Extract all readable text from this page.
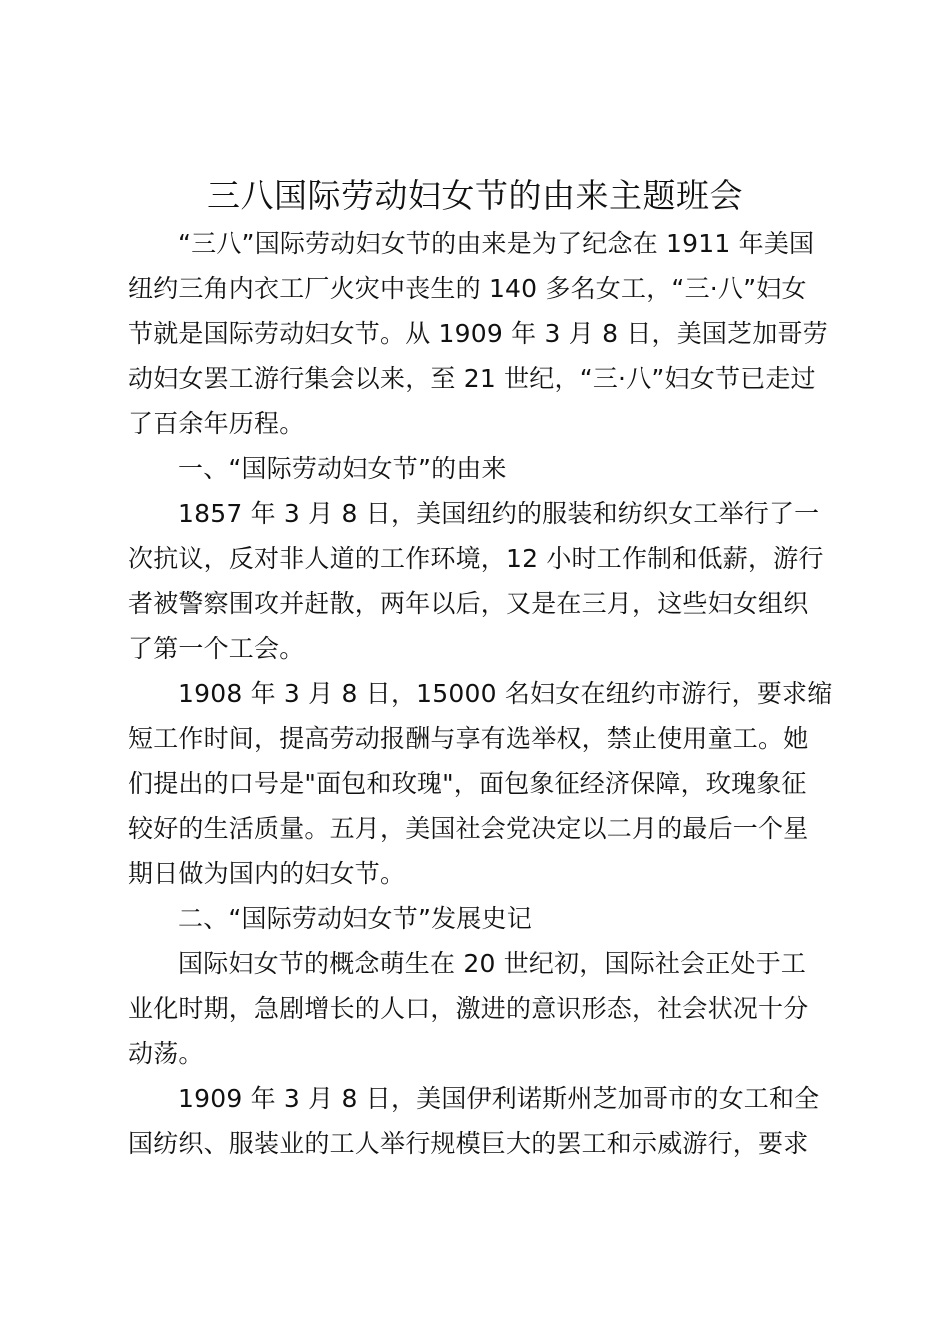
三八国际劳动妇女节的由来主题班会
“三八”国际劳动妇女节的由来是为了纪念在 1911 年美国
纽约三角内衣工厂火灾中丧生的 140 多名女工，“三·八”妇女
节就是国际劳动妇女节。从 1909 年 3 月 8 日，美国芝加哥劳
动妇女罢工游行集会以来，至 21 世纪，“三·八”妇女节已走过
了百余年历程。
一、“国际劳动妇女节”的由来
1857 年 3 月 8 日，美国纽约的服装和纺织女工举行了一
次抗议，反对非人道的工作环境，12 小时工作制和低薪，游行
者被警察围攻并赶散，两年以后，又是在三月，这些妇女组织
了第一个工会。
1908 年 3 月 8 日，15000 名妇女在纽约市游行，要求缩
短工作时间，提高劳动报酬与享有选举权，禁止使用童工。她
们提出的口号是"面包和玫瑰"，面包象征经济保障，玫瑰象征
较好的生活质量。五月，美国社会党决定以二月的最后一个星
期日做为国内的妇女节。
二、“国际劳动妇女节”发展史记
国际妇女节的概念萌生在 20 世纪初，国际社会正处于工
业化时期，急剧增长的人口，激进的意识形态，社会状况十分
动荡。
1909 年 3 月 8 日，美国伊利诺斯州芝加哥市的女工和全
国纺织、服装业的工人举行规模巨大的罢工和示威游行，要求
